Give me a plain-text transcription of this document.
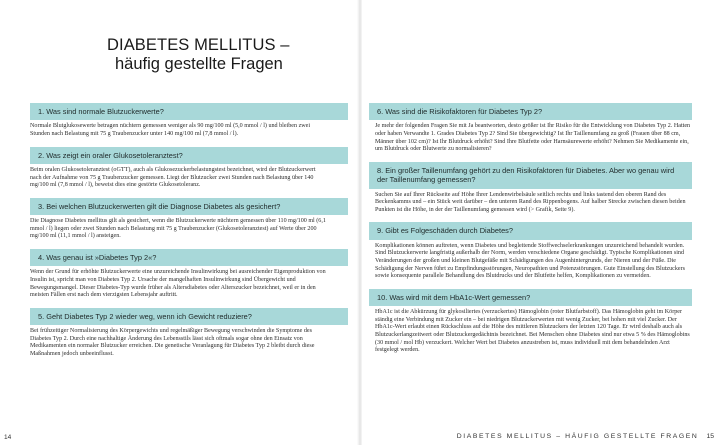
DIABETES MELLITUS –
häufig gestellte Fragen
1. Was sind normale Blutzuckerwerte?

Normale Blutglukosewerte betragen nüchtern gemessen weniger als 90 mg/100 ml (5,0 mmol / l) und bleiben zwei Stunden nach Belastung mit 75 g Traubenzucker unter 140 mg/100 ml (7,8 mmol / l).

2. Was zeigt ein oraler Glukosetoleranztest?

Beim oralen Glukosetoleranztest (oGTT), auch als Glukosezuckerbelastungstest bezeichnet, wird der Blutzuckerwert nach der Aufnahme von 75 g Traubenzucker gemessen. Liegt der Blutzucker zwei Stunden nach Belastung über 140 mg/100 ml (7,8 mmol / l), beweist dies eine gestörte Glukosetoleranz.

3. Bei welchen Blutzuckerwerten gilt die Diagnose Diabetes als gesichert?

Die Diagnose Diabetes mellitus gilt als gesichert, wenn die Blutzuckerwerte nüchtern gemessen über 110 mg/100 ml (6,1 mmol / l) liegen oder zwei Stunden nach Belastung mit 75 g Traubenzucker (Glukosetoleranztest) auf Werte über 200 mg/100 ml (11,1 mmol / l) ansteigen.

4. Was genau ist »Diabetes Typ 2«?

Wenn der Grund für erhöhte Blutzuckerwerte eine unzureichende Insulinwirkung bei ausreichender Eigenproduktion von Insulin ist, spricht man von Diabetes Typ 2. Ursache der mangelhaften Insulinwirkung sind Übergewicht und Bewegungsmangel. Dieser Diabetes-Typ wurde früher als Altersdiabetes oder Alterszucker bezeichnet, weil er in den meisten Fällen erst nach dem vierzigsten Lebensjahr auftritt.

5. Geht Diabetes Typ 2 wieder weg, wenn ich Gewicht reduziere?

Bei frühzeitiger Normalisierung des Körpergewichts und regelmäßiger Bewegung verschwinden die Symptome des Diabetes Typ 2. Durch eine nachhaltige Änderung des Lebensstils lässt sich oftmals sogar ohne den Einsatz von Medikamenten ein normaler Blutzucker erreichen. Die genetische Veranlagung für Diabetes Typ 2 bleibt durch diese Maßnahmen jedoch unbeeinflusst.

14
6. Was sind die Risikofaktoren für Diabetes Typ 2?

Je mehr der folgenden Fragen Sie mit Ja beantworten, desto größer ist Ihr Risiko für die Entwicklung von Diabetes Typ 2. Hatten oder haben Verwandte 1. Grades Diabetes Typ 2? Sind Sie übergewichtig? Ist Ihr Taillenumfang zu groß (Frauen über 88 cm, Männer über 102 cm)? Ist Ihr Blutdruck erhöht? Sind Ihre Blutfette oder Harnsäurewerte erhöht? Nehmen Sie Medikamente ein, um Blutdruck oder Blutwerte zu normalisieren?

8. Ein großer Taillenumfang gehört zu den Risikofaktoren für Diabetes. Aber wo genau wird der Taillenumfang gemessen?

Suchen Sie auf Ihrer Rückseite auf Höhe Ihrer Lendenwirbelsäule seitlich rechts und links tastend den oberen Rand des Beckenkamms und – ein Stück weit darüber – den unteren Rand des Rippenbogens. Auf halber Strecke zwischen diesen beiden Punkten ist die Höhe, in der der Taillenumfang gemessen wird (> Grafik, Seite 9).

9. Gibt es Folgeschäden durch Diabetes?

Komplikationen können auftreten, wenn Diabetes und begleitende Stoffwechselerkrankungen unzureichend behandelt wurden. Sind Blutzuckerwerte langfristig außerhalb der Norm, werden verschiedene Organe geschädigt. Typische Komplikationen sind Veränderungen der großen und kleinen Blutgefäße mit Schädigungen des Augenhintergrunds, der Nieren und der Füße. Die Schädigung der Nerven führt zu Empfindungsstörungen, Neuropathien und Potenzstörungen. Gute Einstellung des Blutzuckers sowie konsequente parallele Behandlung des Blutdrucks und der Blutfette helfen, Komplikationen zu vermeiden.

10. Was wird mit dem HbA1c-Wert gemessen?

HbA1c ist die Abkürzung für glykosiliertes (verzuckertes) Hämoglobin (roter Blutfarbstoff). Das Hämoglobin geht im Körper ständig eine Verbindung mit Zucker ein – bei niedrigen Blutzuckerwerten mit wenig Zucker, bei hohen mit viel Zucker. Der HbA1c-Wert erlaubt einen Rückschluss auf die Höhe des mittleren Blutzuckers der letzten 120 Tage. Er wird deshalb auch als Blutzuckerlangzeitwert oder Blutzuckergedächtnis bezeichnet. Bei Menschen ohne Diabetes sind nur etwa 5 % des Hämoglobins (30 mmol / mol Hb) verzuckert. Welcher Wert bei Diabetes anzustreben ist, muss individuell mit dem behandelnden Arzt festgelegt werden.

DIABETES MELLITUS – HÄUFIG GESTELLTE FRAGEN 15
